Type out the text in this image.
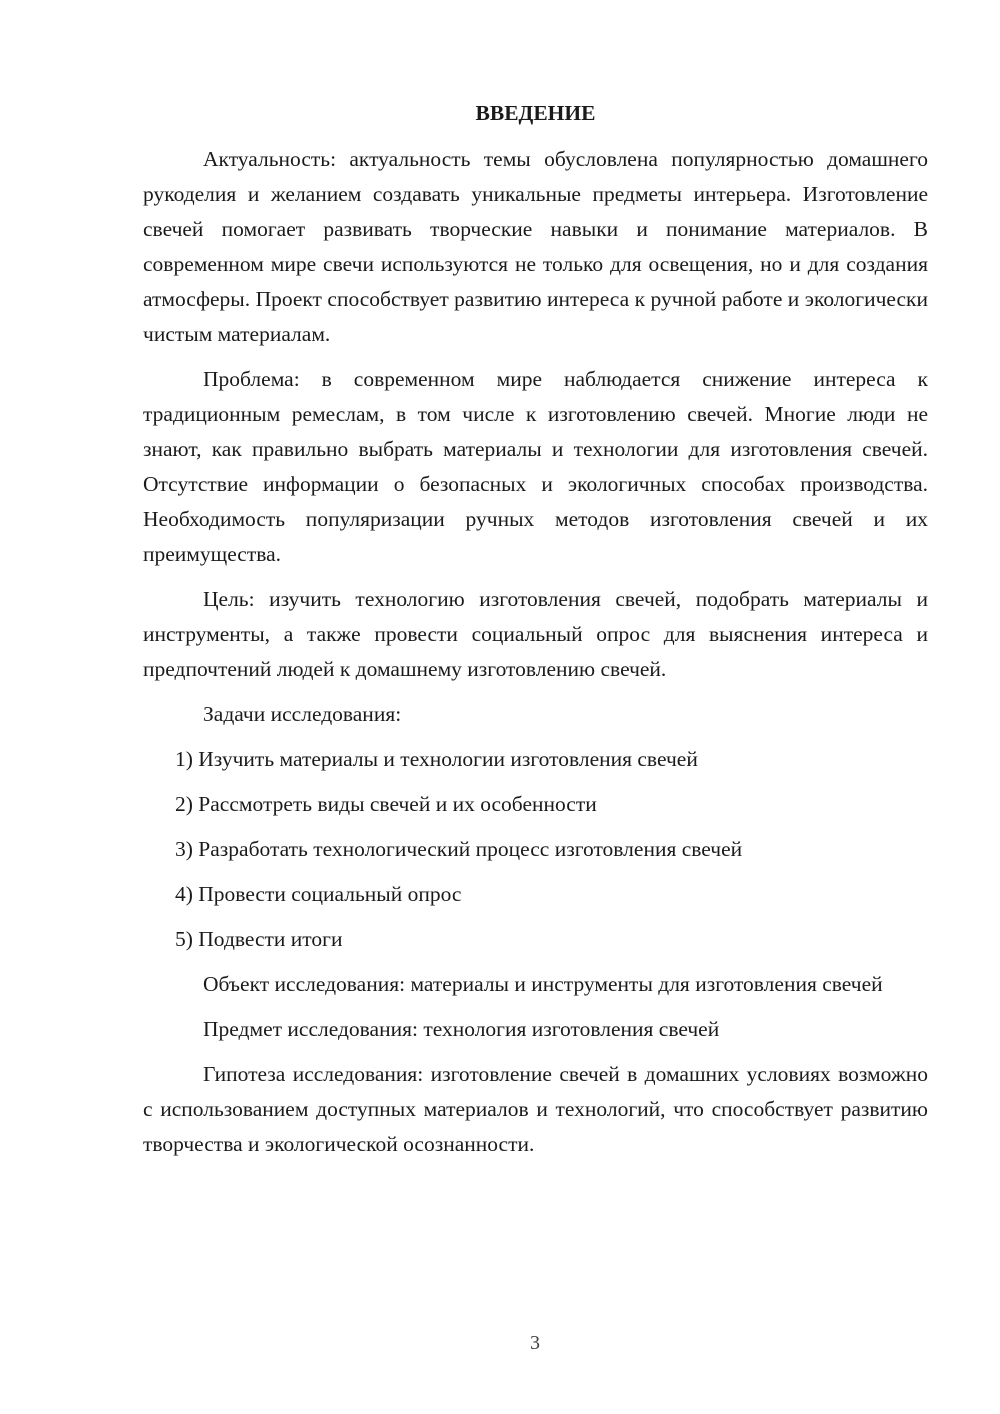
ВВЕДЕНИЕ

Актуальность: актуальность темы обусловлена популярностью домашнего рукоделия и желанием создавать уникальные предметы интерьера. Изготовление свечей помогает развивать творческие навыки и понимание материалов. В современном мире свечи используются не только для освещения, но и для создания атмосферы. Проект способствует развитию интереса к ручной работе и экологически чистым материалам.

Проблема: в современном мире наблюдается снижение интереса к традиционным ремеслам, в том числе к изготовлению свечей. Многие люди не знают, как правильно выбрать материалы и технологии для изготовления свечей. Отсутствие информации о безопасных и экологичных способах производства. Необходимость популяризации ручных методов изготовления свечей и их преимущества.

Цель: изучить технологию изготовления свечей, подобрать материалы и инструменты, а также провести социальный опрос для выяснения интереса и предпочтений людей к домашнему изготовлению свечей.

Задачи исследования:

1) Изучить материалы и технологии изготовления свечей
2) Рассмотреть виды свечей и их особенности
3) Разработать технологический процесс изготовления свечей
4) Провести социальный опрос
5) Подвести итоги

Объект исследования: материалы и инструменты для изготовления свечей

Предмет исследования: технология изготовления свечей

Гипотеза исследования: изготовление свечей в домашних условиях возможно с использованием доступных материалов и технологий, что способствует развитию творчества и экологической осознанности.

3
